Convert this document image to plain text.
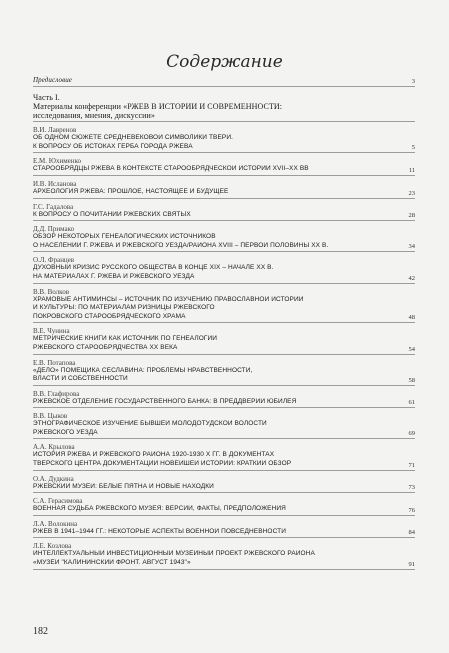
Содержание
Предисловие	3
Часть I.
Материалы конференции «РЖЕВ В ИСТОРИИ И СОВРЕМЕННОСТИ:
исследования, мнения, дискуссии»
В.И. Лавренов
ОБ ОДНОМ СЮЖЕТЕ СРЕДНЕВЕКОВОЙ СИМВОЛИКИ ТВЕРИ.
К ВОПРОСУ ОБ ИСТОКАХ ГЕРБА ГОРОДА РЖЕВА	5
Е.М. Юхименко
СТАРООБРЯДЦЫ РЖЕВА В КОНТЕКСТЕ СТАРООБРЯДЧЕСКОЙ ИСТОРИИ XVII–XX ВВ	11
И.В. Исланова
АРХЕОЛОГИЯ РЖЕВА: ПРОШЛОЕ, НАСТОЯЩЕЕ И БУДУЩЕЕ	23
Г.С. Гадалова
К ВОПРОСУ О ПОЧИТАНИИ РЖЕВСКИХ СВЯТЫХ	28
Д.Д. Примако
ОБЗОР НЕКОТОРЫХ ГЕНЕАЛОГИЧЕСКИХ ИСТОЧНИКОВ
О НАСЕЛЕНИИ Г. РЖЕВА И РЖЕВСКОГО УЕЗДА/РАЙОНА XVIII – ПЕРВОЙ ПОЛОВИНЫ XX В.	34
О.Л. Францев
ДУХОВНЫЙ КРИЗИС РУССКОГО ОБЩЕСТВА В КОНЦЕ XIX – НАЧАЛЕ XX В.
НА МАТЕРИАЛАХ Г. РЖЕВА И РЖЕВСКОГО УЕЗДА	42
В.В. Волков
ХРАМОВЫЕ АНТИМИНСЫ – ИСТОЧНИК ПО ИЗУЧЕНИЮ ПРАВОСЛАВНОЙ ИСТОРИИ
И КУЛЬТУРЫ: ПО МАТЕРИАЛАМ РИЗНИЦЫ РЖЕВСКОГО
ПОКРОВСКОГО СТАРООБРЯДЧЕСКОГО ХРАМА	48
В.Е. Чунина
МЕТРИЧЕСКИЕ КНИГИ КАК ИСТОЧНИК ПО ГЕНЕАЛОГИИ
РЖЕВСКОГО СТАРООБРЯДЧЕСТВА XX ВЕКА	54
Е.В. Потапова
«ДЕЛО» ПОМЕЩИКА СЕСЛАВИНА: ПРОБЛЕМЫ НРАВСТВЕННОСТИ,
ВЛАСТИ И СОБСТВЕННОСТИ	58
В.В. Глафирова
РЖЕВСКОЕ ОТДЕЛЕНИЕ ГОСУДАРСТВЕННОГО БАНКА: В ПРЕДДВЕРИИ ЮБИЛЕЯ	61
В.В. Цыков
ЭТНОГРАФИЧЕСКОЕ ИЗУЧЕНИЕ БЫВШЕЙ МОЛОДОТУДСКОЙ ВОЛОСТИ
РЖЕВСКОГО УЕЗДА	69
А.А. Крылова
ИСТОРИЯ РЖЕВА И РЖЕВСКОГО РАЙОНА 1920-1930 Х ГГ. В ДОКУМЕНТАХ
ТВЕРСКОГО ЦЕНТРА ДОКУМЕНТАЦИИ НОВЕЙШЕЙ ИСТОРИИ: КРАТКИЙ ОБЗОР	71
О.А. Дудкина
РЖЕВСКИЙ МУЗЕЙ: БЕЛЫЕ ПЯТНА И НОВЫЕ НАХОДКИ	73
С.А. Герасимова
ВОЕННАЯ СУДЬБА РЖЕВСКОГО МУЗЕЯ: ВЕРСИИ, ФАКТЫ, ПРЕДПОЛОЖЕНИЯ	76
Л.А. Волокина
РЖЕВ В 1941–1944 ГГ.: НЕКОТОРЫЕ АСПЕКТЫ ВОЕННОЙ ПОВСЕДНЕВНОСТИ	84
Л.Е. Козлова
ИНТЕЛЛЕКТУАЛЬНЫЙ ИНВЕСТИЦИОННЫЙ МУЗЕЙНЫЙ ПРОЕКТ РЖЕВСКОГО РАЙОНА
«МУЗЕЙ "КАЛИНИНСКИЙ ФРОНТ. АВГУСТ 1943"»	91
182
